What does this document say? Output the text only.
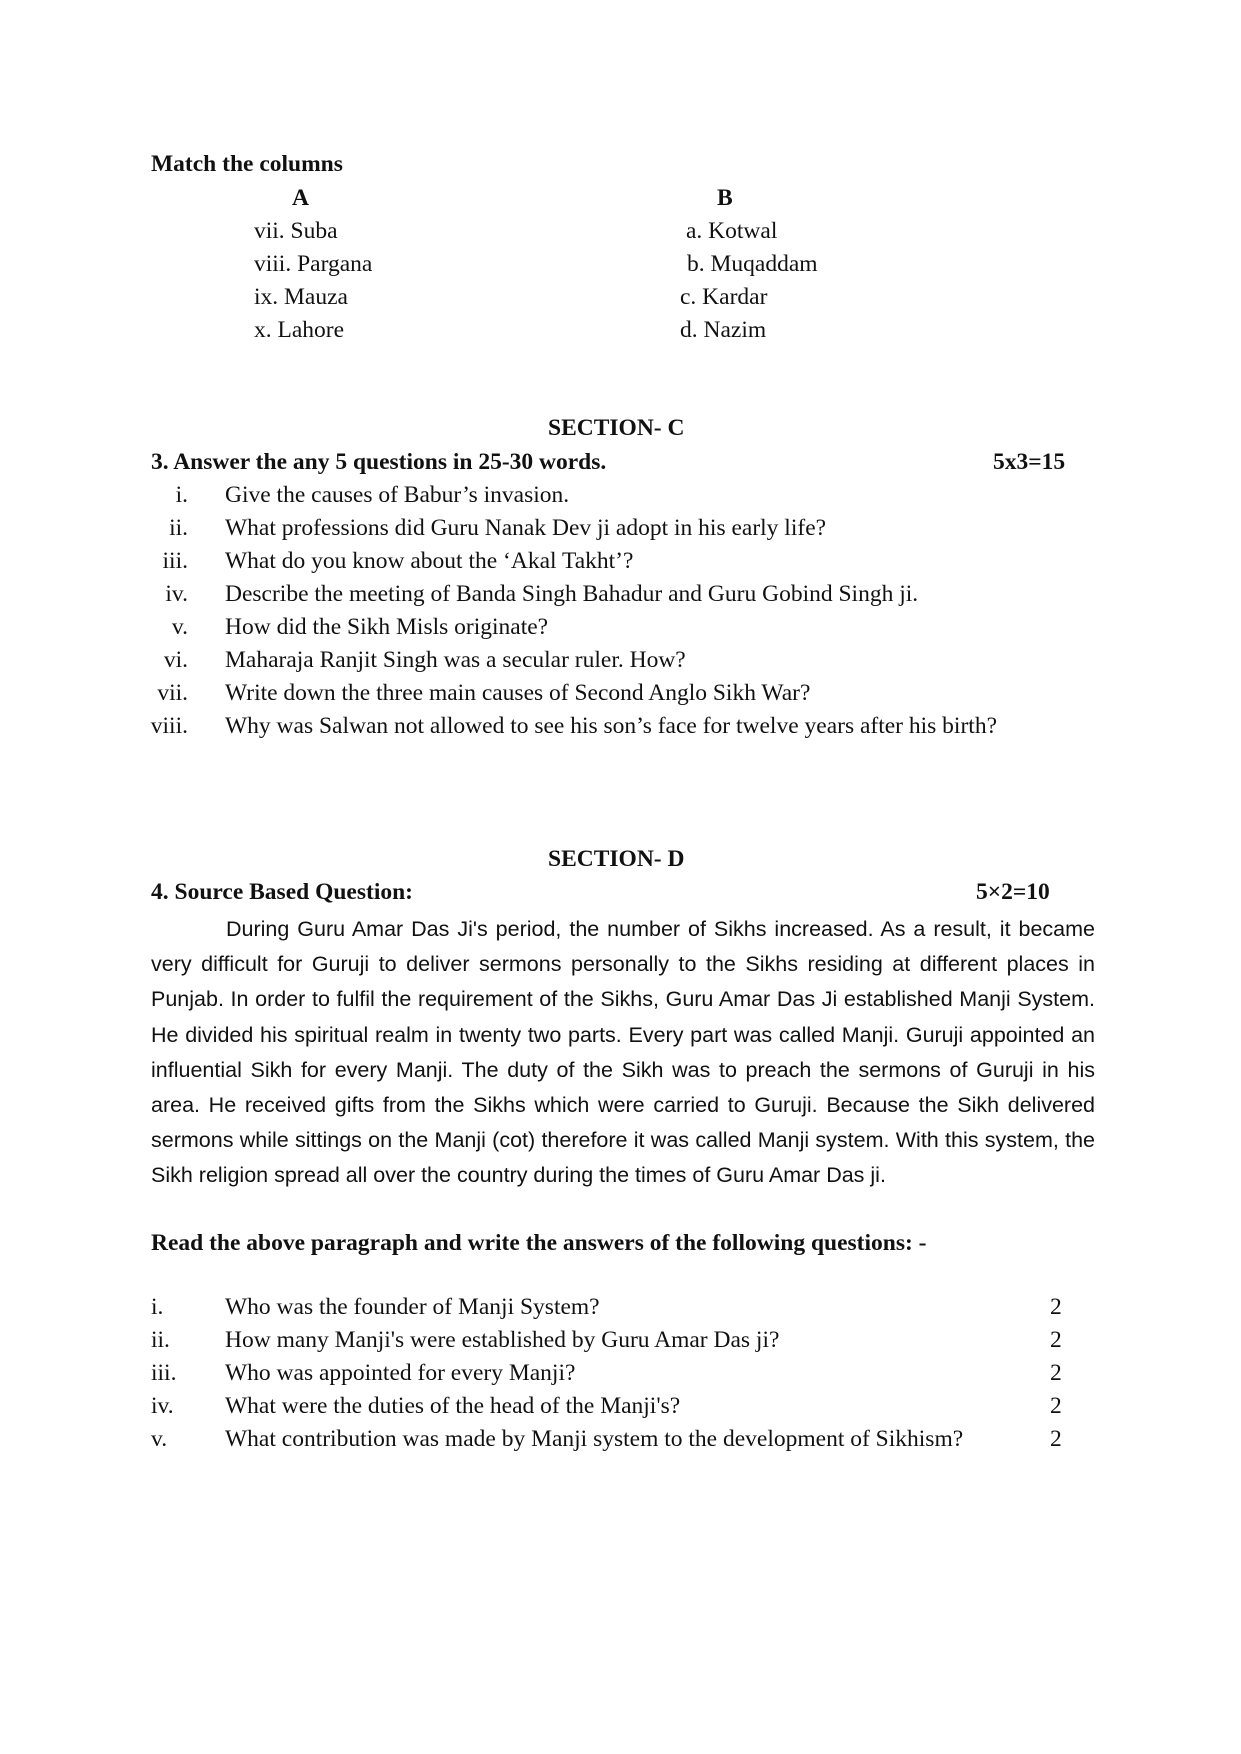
Match the columns
A	B
vii. Suba	a. Kotwal
viii. Pargana	b. Muqaddam
ix. Mauza	c. Kardar
x. Lahore	d. Nazim
SECTION- C
3. Answer the any 5 questions in 25-30 words.	5x3=15
i. Give the causes of Babur’s invasion.
ii. What professions did Guru Nanak Dev ji adopt in his early life?
iii. What do you know about the ‘Akal Takht’?
iv. Describe the meeting of Banda Singh Bahadur and Guru Gobind Singh ji.
v. How did the Sikh Misls originate?
vi. Maharaja Ranjit Singh was a secular ruler. How?
vii. Write down the three main causes of Second Anglo Sikh War?
viii. Why was Salwan not allowed to see his son’s face for twelve years after his birth?
SECTION- D
4. Source Based Question:	5×2=10
During Guru Amar Das Ji's period, the number of Sikhs increased. As a result, it became very difficult for Guruji to deliver sermons personally to the Sikhs residing at different places in Punjab. In order to fulfil the requirement of the Sikhs, Guru Amar Das Ji established Manji System. He divided his spiritual realm in twenty two parts. Every part was called Manji. Guruji appointed an influential Sikh for every Manji. The duty of the Sikh was to preach the sermons of Guruji in his area. He received gifts from the Sikhs which were carried to Guruji. Because the Sikh delivered sermons while sittings on the Manji (cot) therefore it was called Manji system. With this system, the Sikh religion spread all over the country during the times of Guru Amar Das ji.
Read the above paragraph and write the answers of the following questions: -
i.	Who was the founder of Manji System?	2
ii. How many Manji's were established by Guru Amar Das ji?	2
iii. Who was appointed for every Manji?	2
iv. What were the duties of the head of the Manji's?	2
v. What contribution was made by Manji system to the development of Sikhism?	2
